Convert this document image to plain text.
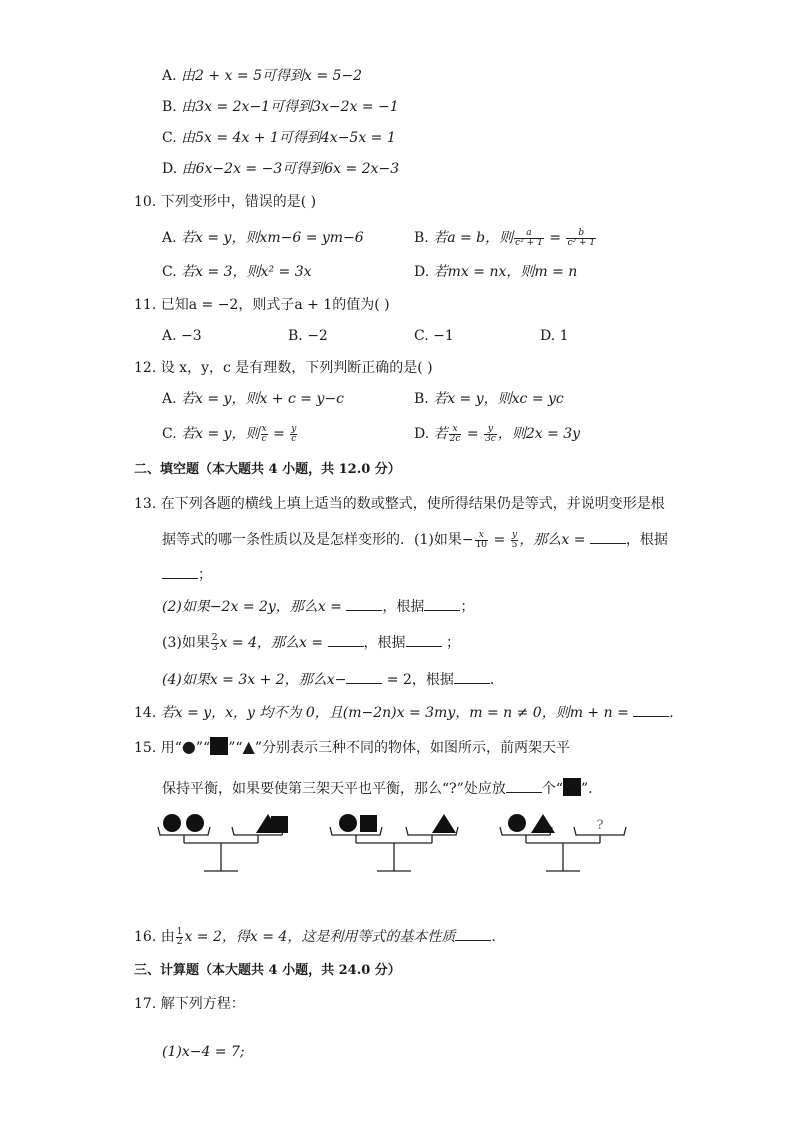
A. 由2 + x = 5可得到x = 5−2
B. 由3x = 2x−1可得到3x−2x = −1
C. 由5x = 4x + 1可得到4x−5x = 1
D. 由6x−2x = −3可得到6x = 2x−3
10. 下列变形中，错误的是( )
A. 若x = y，则xm−6 = ym−6	B. 若a = b，则 $\frac{a}{\text{c² + 1}} = \frac{b}{\text{c² + 1}}$
C. 若x = 3，则x² = 3x	D. 若mx = nx，则m = n
11. 已知a = −2，则式子a + 1的值为( )
A. −3	B. −2	C. −1	D. 1
12. 设 x，y，c 是有理数，下列判断正确的是( )
A. 若x = y，则x + c = y−c	B. 若x = y，则xc = yc
C. 若x = y，则 $\frac{x}{c} = \frac{y}{c}$	D. 若 $\frac{x}{2c} = \frac{y}{3c}$ ，则2x = 3y
二、填空题（本大题共 4 小题，共 12.0 分）
13. 在下列各题的横线上填上适当的数或整式，使所得结果仍是等式，并说明变形是根
据等式的哪一条性质以及是怎样变形的．(1)如果− $\frac{x}{10} = \frac{y}{5}$ ，那么x =	，根据
；
(2)如果−2x = 2y，那么x =	，根据	；
(3)如果 $\frac{2}{3}$ x = 4，那么x =	，根据	；
(4)如果x = 3x + 2，那么x−	= 2，根据	．
14. 若x = y，x，y 均不为 0，且(m−2n)x = 3my，m = n ≠ 0，则m + n =	．
15. 用“●”“ ”“▲”分别表示三种不同的物体，如图所示，前两架天平
保持平衡，如果要使第三架天平也平衡，那么“?”处应放	个“ ”．
?
16. 由 $\frac{1}{2}$ x = 2，得x = 4，这是利用等式的基本性质	．
三、计算题（本大题共 4 小题，共 24.0 分）
17. 解下列方程：
(1)x−4 = 7;
